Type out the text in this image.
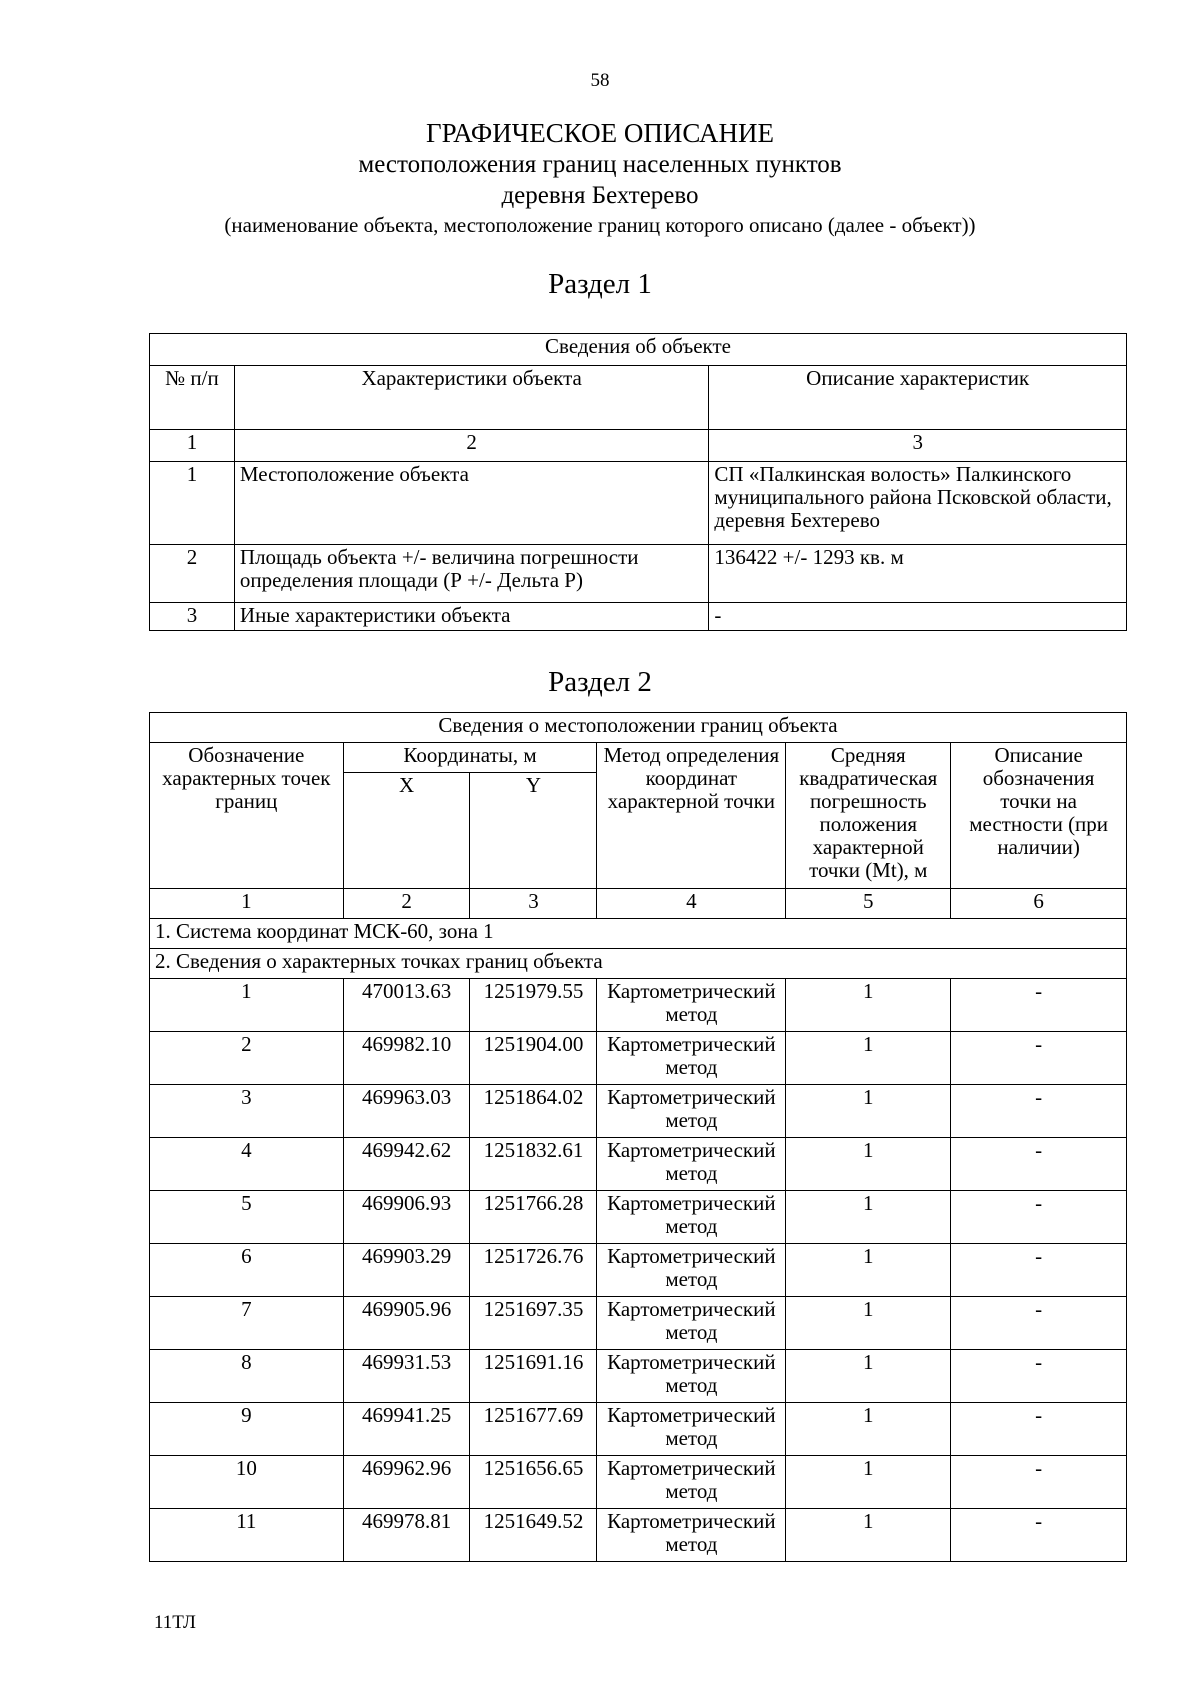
58
ГРАФИЧЕСКОЕ ОПИСАНИЕ
местоположения границ населенных пунктов
деревня Бехтерево
(наименование объекта, местоположение границ которого описано (далее - объект))
Раздел 1
Сведения об объекте		
№ п/п	Характеристики объекта	Описание характеристик
1	2	3
1	Местоположение объекта	СП «Палкинская волость» Палкинского муниципального района Псковской области, деревня Бехтерево
2	Площадь объекта +/- величина погрешности определения площади (Р +/- Дельта Р)	136422 +/- 1293 кв. м
3	Иные характеристики объекта	-
Раздел 2
Сведения о местоположении границ объекта					
Обозначение характерных точек границ	Координаты, м		Метод определения координат характерной точки	Средняя квадратическая погрешность положения характерной точки (Mt), м	Описание обозначения точки на местности (при наличии)
	X	Y			
1	2	3	4	5	6
1. Система координат МСК-60, зона 1					
2. Сведения о характерных точках границ объекта					
1	470013.63	1251979.55	Картометрический метод	1	-
2	469982.10	1251904.00	Картометрический метод	1	-
3	469963.03	1251864.02	Картометрический метод	1	-
4	469942.62	1251832.61	Картометрический метод	1	-
5	469906.93	1251766.28	Картометрический метод	1	-
6	469903.29	1251726.76	Картометрический метод	1	-
7	469905.96	1251697.35	Картометрический метод	1	-
8	469931.53	1251691.16	Картометрический метод	1	-
9	469941.25	1251677.69	Картометрический метод	1	-
10	469962.96	1251656.65	Картометрический метод	1	-
11	469978.81	1251649.52	Картометрический метод	1	-
11ТЛ
